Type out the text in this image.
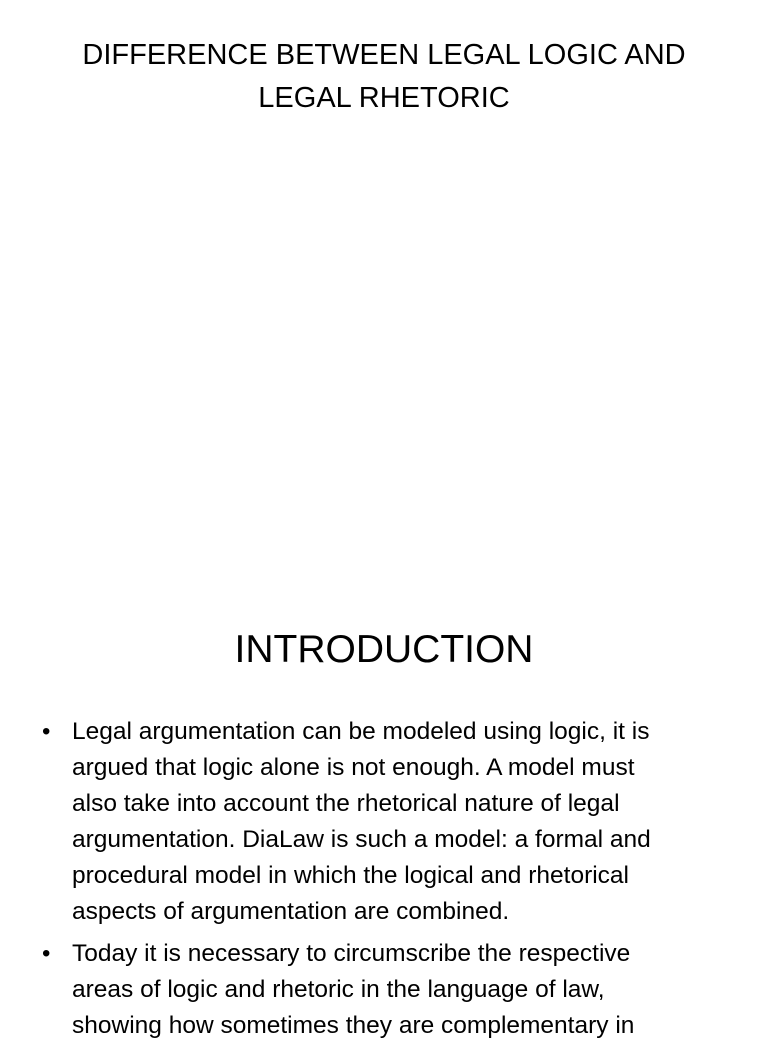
DIFFERENCE BETWEEN LEGAL LOGIC AND
LEGAL RHETORIC
INTRODUCTION
• Legal argumentation can be modeled using logic, it is
argued that logic alone is not enough. A model must
also take into account the rhetorical nature of legal
argumentation. DiaLaw is such a model: a formal and
procedural model in which the logical and rhetorical
aspects of argumentation are combined.
• Today it is necessary to circumscribe the respective
areas of logic and rhetoric in the language of law,
showing how sometimes they are complementary in
